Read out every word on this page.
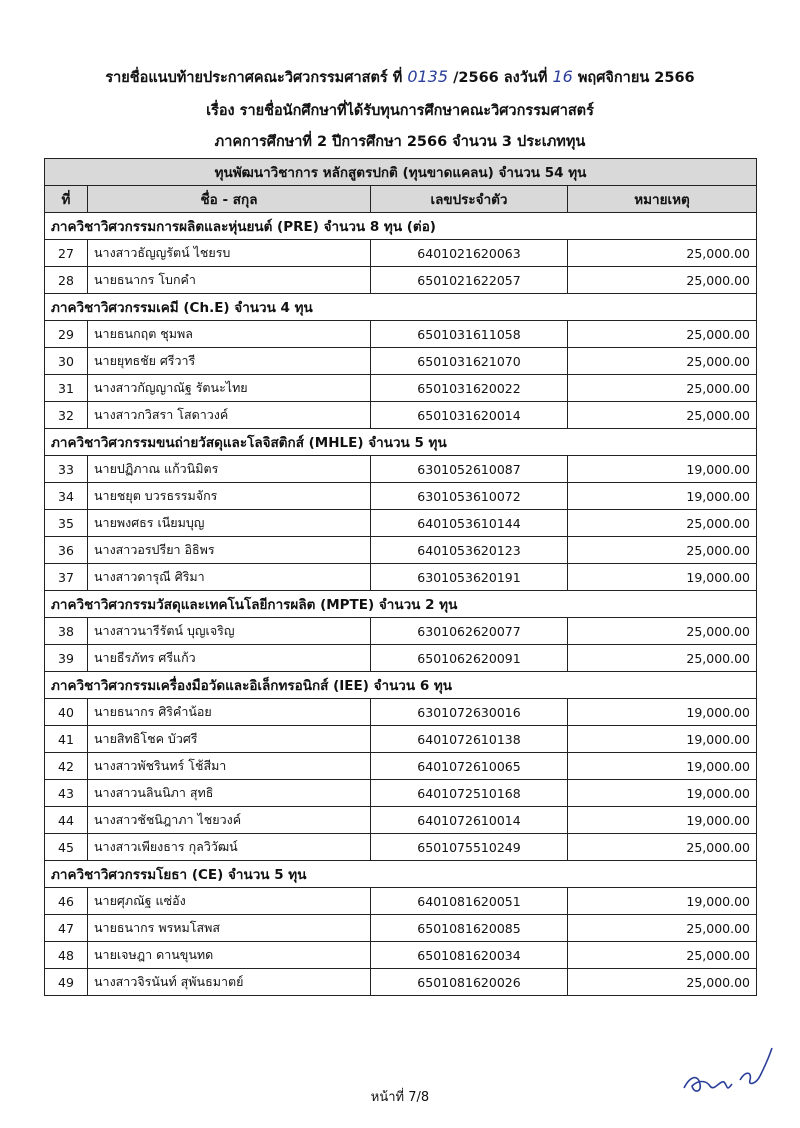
รายชื่อแนบท้ายประกาศคณะวิศวกรรมศาสตร์ ที่ 0135 /2566 ลงวันที่ 16 พฤศจิกายน 2566
เรื่อง รายชื่อนักศึกษาที่ได้รับทุนการศึกษาคณะวิศวกรรมศาสตร์
ภาคการศึกษาที่ 2 ปีการศึกษา 2566 จำนวน 3 ประเภททุน
ทุนพัฒนาวิชาการ หลักสูตรปกติ (ทุนขาดแคลน) จำนวน 54 ทุน			
ที่	ชื่อ - สกุล	เลขประจำตัว	หมายเหตุ
ภาควิชาวิศวกรรมการผลิตและหุ่นยนต์ (PRE) จำนวน 8 ทุน (ต่อ)			
27	นางสาวธัญญรัตน์ ไชยรบ	6401021620063	25,000.00
28	นายธนากร โบกคำ	6501021622057	25,000.00
ภาควิชาวิศวกรรมเคมี (Ch.E) จำนวน 4 ทุน			
29	นายธนกฤต ชุมพล	6501031611058	25,000.00
30	นายยุทธชัย ศรีวารี	6501031621070	25,000.00
31	นางสาวกัญญาณัฐ รัตนะไทย	6501031620022	25,000.00
32	นางสาวกวิสรา โสดาวงค์	6501031620014	25,000.00
ภาควิชาวิศวกรรมขนถ่ายวัสดุและโลจิสติกส์ (MHLE) จำนวน 5 ทุน			
33	นายปฏิภาณ แก้วนิมิตร	6301052610087	19,000.00
34	นายชยุต บวรธรรมจักร	6301053610072	19,000.00
35	นายพงศธร เนียมบุญ	6401053610144	25,000.00
36	นางสาวอรปรียา อิธิพร	6401053620123	25,000.00
37	นางสาวดารุณี ศิริมา	6301053620191	19,000.00
ภาควิชาวิศวกรรมวัสดุและเทคโนโลยีการผลิต (MPTE) จำนวน 2 ทุน			
38	นางสาวนารีรัตน์ บุญเจริญ	6301062620077	25,000.00
39	นายธีรภัทร ศรีแก้ว	6501062620091	25,000.00
ภาควิชาวิศวกรรมเครื่องมือวัดและอิเล็กทรอนิกส์ (IEE) จำนวน 6 ทุน			
40	นายธนากร ศิริคำน้อย	6301072630016	19,000.00
41	นายสิทธิโชค บัวศรี	6401072610138	19,000.00
42	นางสาวพัชรินทร์ โช้สีมา	6401072610065	19,000.00
43	นางสาวนลินนิภา สุทธิ	6401072510168	19,000.00
44	นางสาวชัชนิฎาภา ไชยวงค์	6401072610014	19,000.00
45	นางสาวเพียงธาร กุลวิวัฒน์	6501075510249	25,000.00
ภาควิชาวิศวกรรมโยธา (CE) จำนวน 5 ทุน			
46	นายศุภณัฐ แซ่อัง	6401081620051	19,000.00
47	นายธนากร พรหมโสพส	6501081620085	25,000.00
48	นายเจษฎา ดานขุนทด	6501081620034	25,000.00
49	นางสาวจิรนันท์ สุพันธมาตย์	6501081620026	25,000.00
หน้าที่ 7/8
